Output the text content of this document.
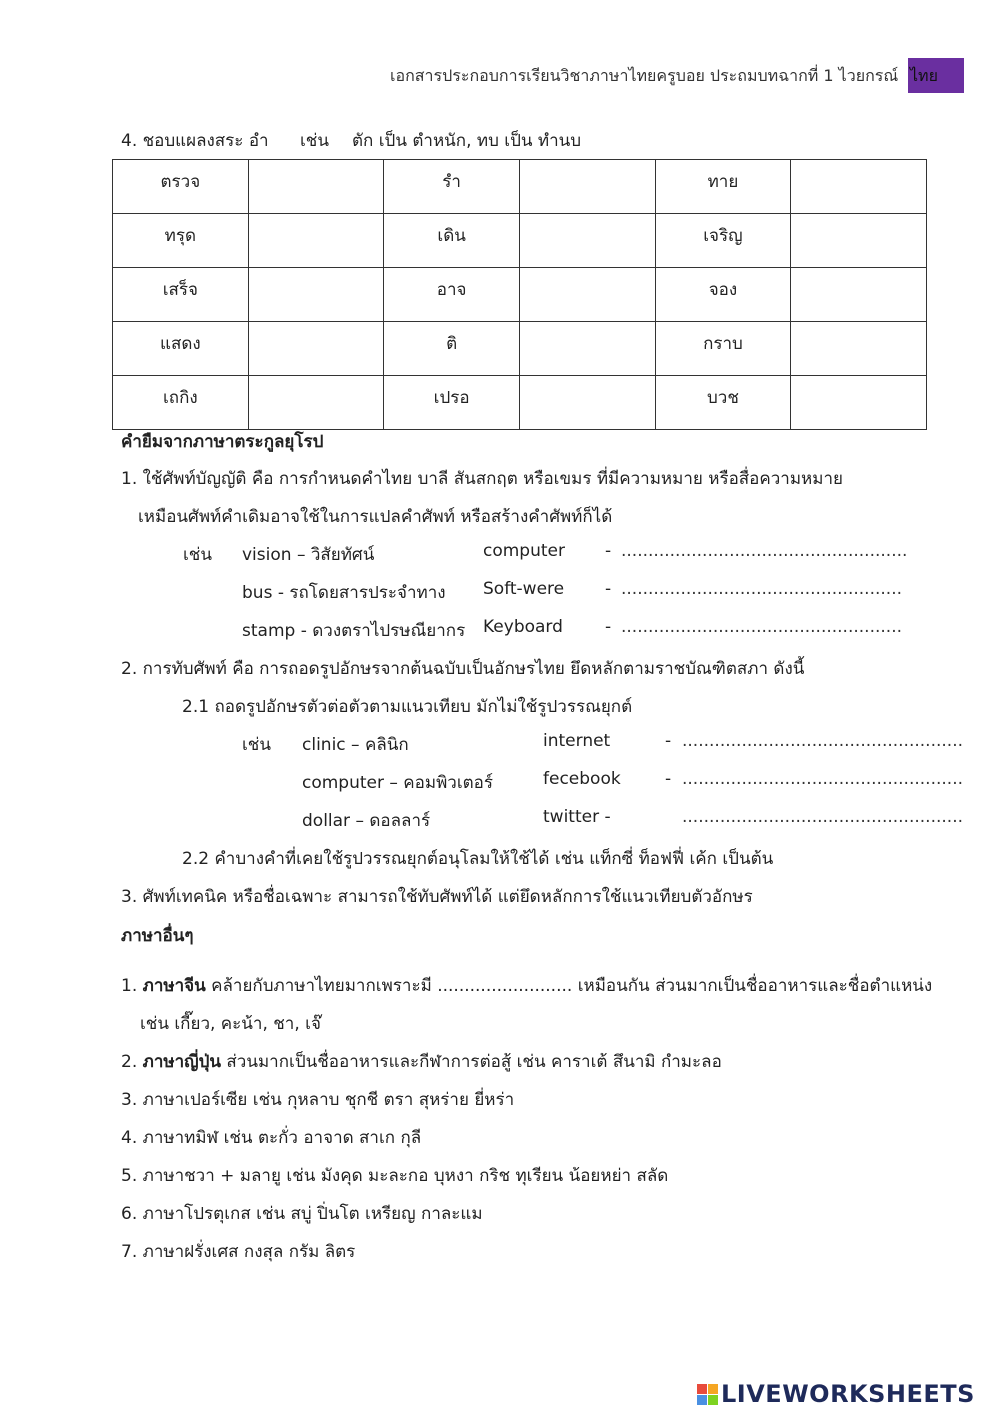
เอกสารประกอบการเรียนวิชาภาษาไทยครูบอย ประถมบทฉากที่ 1 ไวยกรณ์ ไทย
4. ชอบแผลงสระ อำ เช่น ตัก เป็น ตำหนัก, ทบ เป็น ทำนบ
ตรวจ		รำ		ทาย	
ทรุด		เดิน		เจริญ	
เสร็จ		อาจ		จอง	
แสดง		ติ		กราบ	
เถกิง		เปรอ		บวช	
คำยืมจากภาษาตระกูลยุโรป
1. ใช้ศัพท์บัญญัติ คือ การกำหนดคำไทย บาลี สันสกฤต หรือเขมร ที่มีความหมาย หรือสื่อความหมาย
เหมือนศัพท์คำเดิมอาจใช้ในการแปลคำศัพท์ หรือสร้างคำศัพท์ก็ได้
เช่น vision – วิสัยทัศน์	computer - .....................................................
bus - รถโดยสารประจำทาง Soft-were - ....................................................
stamp - ดวงตราไปรษณียากร Keyboard - ....................................................
2. การทับศัพท์ คือ การถอดรูปอักษรจากต้นฉบับเป็นอักษรไทย ยึดหลักตามราชบัณฑิตสภา ดังนี้
2.1 ถอดรูปอักษรตัวต่อตัวตามแนวเทียบ มักไม่ใช้รูปวรรณยุกต์
เช่น clinic – คลินิก	internet	- ....................................................
computer – คอมพิวเตอร์	fecebook	- ....................................................
dollar – ดอลลาร์	twitter -	....................................................
2.2 คำบางคำที่เคยใช้รูปวรรณยุกต์อนุโลมให้ใช้ได้ เช่น แท็กซี่ ท็อฟฟี่ เค้ก เป็นต้น
3. ศัพท์เทคนิค หรือชื่อเฉพาะ สามารถใช้ทับศัพท์ได้ แต่ยึดหลักการใช้แนวเทียบตัวอักษร
ภาษาอื่นๆ
1. ภาษาจีน คล้ายกับภาษาไทยมากเพราะมี ......................... เหมือนกัน ส่วนมากเป็นชื่ออาหารและชื่อตำแหน่ง
เช่น เกี๊ยว, คะน้า, ชา, เจ๊
2. ภาษาญี่ปุ่น ส่วนมากเป็นชื่ออาหารและกีฬาการต่อสู้ เช่น คาราเต้ สึนามิ กำมะลอ
3. ภาษาเปอร์เซีย เช่น กุหลาบ ชุกชี ตรา สุหร่าย ยี่หร่า
4. ภาษาทมิฬ เช่น ตะกั่ว อาจาด สาเก กุลี
5. ภาษาชวา + มลายู เช่น มังคุด มะละกอ บุหงา กริช ทุเรียน น้อยหย่า สลัด
6. ภาษาโปรตุเกส เช่น สบู่ ปิ่นโต เหรียญ กาละแม
7. ภาษาฝรั่งเศส กงสุล กรัม ลิตร
LIVEWORKSHEETS
